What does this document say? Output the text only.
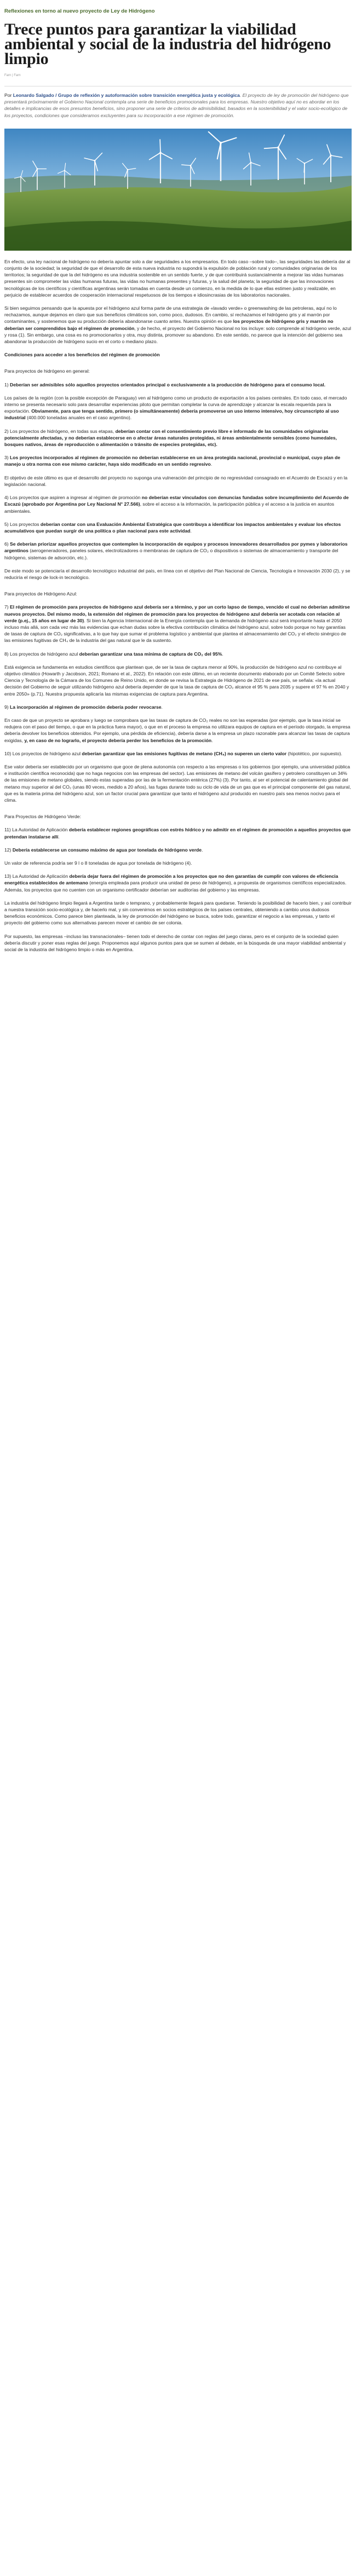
Reflexiones en torno al nuevo proyecto de Ley de Hidrógeno
Trece puntos para garantizar la viabilidad ambiental y social de la industria del hidrógeno limpio
Farn | Farn

Por Leonardo Salgado / Grupo de reflexión y autoformación sobre transición energética justa y ecológica. El proyecto de ley de promoción del hidrógeno que presentará próximamente el Gobierno Nacional contempla una serie de beneficios promocionales para los empresas. Nuestro objetivo aquí no es abordar en los detalles e implicancias de esos presuntos beneficios, sino proponer una serie de criterios de admisibilidad, basados en la sostenibilidad y el valor socio-ecológico de los proyectos, condiciones que consideramos excluyentes para su incorporación a ese régimen de promoción.

En efecto, una ley nacional de hidrógeno no debería apuntar solo a dar seguridades a los empresarios. En todo caso –sobre todo–, las seguridades las debería dar al conjunto de la sociedad; la seguridad de que el desarrollo de esta nueva industria no supondrá la expulsión de población rural y comunidades originarias de los territorios; la seguridad de que la del hidrógeno es una industria sostenible en un sentido fuerte, y de que contribuirá sustancialmente a mejorar las vidas humanas presentes sin comprometer las vidas humanas futuras, las vidas no humanas presentes y futuras, y la salud del planeta; la seguridad de que las innovaciones tecnológicas de los científicos y científicas argentinas serán tomadas en cuenta desde un comienzo, en la medida de lo que ellas estimen justo y realizable, en perjuicio de establecer acuerdos de cooperación internacional respetuosos de los tiempos e idiosincrasias de los laboratorios nacionales.

Si bien seguimos pensando que la apuesta por el hidrógeno azul forma parte de una estrategia de «lavado verde» o greenwashing de las petroleras, aquí no lo rechazamos, aunque dejamos en claro que sus beneficios climáticos son, como poco, dudosos. En cambio, sí rechazamos el hidrógeno gris y al marrón por contaminantes, y sostenemos que su producción debería abandonarse cuanto antes. Nuestra opinión es que los proyectos de hidrógeno gris y marrón no deberían ser comprendidos bajo el régimen de promoción, y de hecho, el proyecto del Gobierno Nacional no los incluye: solo comprende al hidrógeno verde, azul y rosa (1). Sin embargo, una cosa es no promocionarlos y otra, muy distinta, promover su abandono. En este sentido, no parece que la intención del gobierno sea abandonar la producción de hidrógeno sucio en el corto o mediano plazo.

Condiciones para acceder a los beneficios del régimen de promoción

Para proyectos de hidrógeno en general:

1) Deberían ser admisibles sólo aquellos proyectos orientados principal o exclusivamente a la producción de hidrógeno para el consumo local.

Los países de la región (con la posible excepción de Paraguay) ven al hidrógeno como un producto de exportación a los países centrales. En todo caso, el mercado interno se presenta necesario solo para desarrollar experiencias piloto que permitan completar la curva de aprendizaje y alcanzar la escala requerida para la exportación. Obviamente, para que tenga sentido, primero (o simultáneamente) debería promoverse un uso interno intensivo, hoy circunscripto al uso industrial (400.000 toneladas anuales en el caso argentino).

2) Los proyectos de hidrógeno, en todas sus etapas, deberían contar con el consentimiento previo libre e informado de las comunidades originarias potencialmente afectadas, y no deberían establecerse en o afectar áreas naturales protegidas, ni áreas ambientalmente sensibles (como humedales, bosques nativos, áreas de reproducción o alimentación o tránsito de especies protegidas, etc).

3) Los proyectos incorporados al régimen de promoción no deberían establecerse en un área protegida nacional, provincial o municipal, cuyo plan de manejo u otra norma con ese mismo carácter, haya sido modificado en un sentido regresivo.

El objetivo de este último es que el desarrollo del proyecto no suponga una vulneración del principio de no regresividad consagrado en el Acuerdo de Escazú y en la legislación nacional.

4) Los proyectos que aspiren a ingresar al régimen de promoción no deberían estar vinculados con denuncias fundadas sobre incumplimiento del Acuerdo de Escazú (aprobado por Argentina por Ley Nacional N° 27.566), sobre el acceso a la información, la participación pública y el acceso a la justicia en asuntos ambientales.

5) Los proyectos deberían contar con una Evaluación Ambiental Estratégica que contribuya a identificar los impactos ambientales y evaluar los efectos acumulativos que puedan surgir de una política o plan nacional para este actividad.

6) Se deberían priorizar aquellos proyectos que contemplen la incorporación de equipos y procesos innovadores desarrollados por pymes y laboratorios argentinos (aerogeneradores, paneles solares, electrolizadores o membranas de captura de CO₂ o dispositivos o sistemas de almacenamiento y transporte del hidrógeno, sistemas de adsorción, etc.).

De este modo se potenciaría el desarrollo tecnológico industrial del país, en línea con el objetivo del Plan Nacional de Ciencia, Tecnología e Innovación 2030 (2), y se reduciría el riesgo de lock-in tecnológico.

Para proyectos de Hidrógeno Azul:

7) El régimen de promoción para proyectos de hidrógeno azul debería ser a término, y por un corto lapso de tiempo, vencido el cual no deberían admitirse nuevos proyectos. Del mismo modo, la extensión del régimen de promoción para los proyectos de hidrógeno azul debería ser acotada con relación al verde (p.ej., 15 años en lugar de 30). Si bien la Agencia Internacional de la Energía contempla que la demanda de hidrógeno azul será importante hasta el 2050 incluso más allá, son cada vez más las evidencias que echan dudas sobre la efectiva contribución climática del hidrógeno azul, sobre todo porque no hay garantías de tasas de captura de CO₂ significativas, a lo que hay que sumar el problema logístico y ambiental que plantea el almacenamiento del CO₂ y el efecto sinérgico de las emisiones fugitivas de CH₄ de la industria del gas natural que le da sustento.

8) Los proyectos de hidrógeno azul deberían garantizar una tasa mínima de captura de CO₂ del 95%.

Está exigencia se fundamenta en estudios científicos que plantean que, de ser la tasa de captura menor al 90%, la producción de hidrógeno azul no contribuye al objetivo climático (Howarth y Jacobson, 2021; Romano et al., 2022). En relación con este último, en un reciente documento elaborado por un Comité Selecto sobre Ciencia y Tecnología de la Cámara de los Comunes de Reino Unido, en donde se revisa la Estrategia de Hidrógeno de 2021 de ese país, se señala: «la actual decisión del Gobierno de seguir utilizando hidrógeno azul debería depender de que la tasa de captura de CO₂ alcance el 95 % para 2035 y supere el 97 % en 2040 y entre 2050» (p.71). Nuestra propuesta aplicaría las mismas exigencias de captura para Argentina.

9) La incorporación al régimen de promoción debería poder revocarse.

En caso de que un proyecto se aprobara y luego se comprobara que las tasas de captura de CO₂ reales no son las esperadas (por ejemplo, que la tasa inicial se redujera con el paso del tiempo, o que en la práctica fuera mayor), o que en el proceso la empresa no utilizara equipos de captura en el período otorgado, la empresa debería devolver los beneficios obtenidos. Por ejemplo, una pérdida de eficiencia), debería darse a la empresa un plazo razonable para alcanzar las tasas de captura exigidas, y, en caso de no lograrlo, el proyecto debería perder los beneficios de la promoción.

10) Los proyectos de hidrógeno azul deberían garantizar que las emisiones fugitivas de metano (CH₄) no superen un cierto valor (hipotético, por supuesto).

Ese valor debería ser establecido por un organismo que goce de plena autonomía con respecto a las empresas o los gobiernos (por ejemplo, una universidad pública e institución científica reconocida) que no haga negocios con las empresas del sector). Las emisiones de metano del volcán gasífero y petrolero constituyen un 34% de las emisiones de metano globales, siendo estas superadas por las de la fermentación entérica (27%) (3). Por tanto, al ser el potencial de calentamiento global del metano muy superior al del CO₂ (unas 80 veces, medido a 20 años), las fugas durante todo su ciclo de vida de un gas que es el principal componente del gas natural, que es la materia prima del hidrógeno azul, son un factor crucial para garantizar que tanto el hidrógeno azul producido en nuestro país sea menos nocivo para el clima.

Para Proyectos de Hidrógeno Verde:

11) La Autoridad de Aplicación debería establecer regiones geográficas con estrés hídrico y no admitir en el régimen de promoción a aquellos proyectos que pretendan instalarse allí.

12) Debería establecerse un consumo máximo de agua por tonelada de hidrógeno verde.

Un valor de referencia podría ser 9 l o 8 toneladas de agua por tonelada de hidrógeno (4).

13) La Autoridad de Aplicación debería dejar fuera del régimen de promoción a los proyectos que no den garantías de cumplir con valores de eficiencia energética establecidos de antemano (energía empleada para producir una unidad de peso de hidrógeno), a propuesta de organismos científicos especializados. Además, los proyectos que no cuenten con un organismo certificador deberían ser auditorías del gobierno y las empresas.

La industria del hidrógeno limpio llegará a Argentina tarde o temprano, y probablemente llegará para quedarse. Teniendo la posibilidad de hacerlo bien, y así contribuir a nuestra transición socio-ecológica y, de hacerlo mal, y sin convenirnos en socios estratégicos de los países centrales, obteniendo a cambio unos dudosos beneficios económicos. Como parece bien planteada, la ley de promoción del hidrógeno se busca, sobre todo, garantizar el negocio a las empresas, y tanto el proyecto del gobierno como sus alternativas parecen mover el cambio de ser colonia.

Por supuesto, las empresas –incluso las transnacionales– tienen todo el derecho de contar con reglas del juego claras, pero es el conjunto de la sociedad quien debería discutir y poner esas reglas del juego. Proponemos aquí algunos puntos para que se sumen al debate, en la búsqueda de una mayor viabilidad ambiental y social de la industria del hidrógeno limpio o más en Argentina.
